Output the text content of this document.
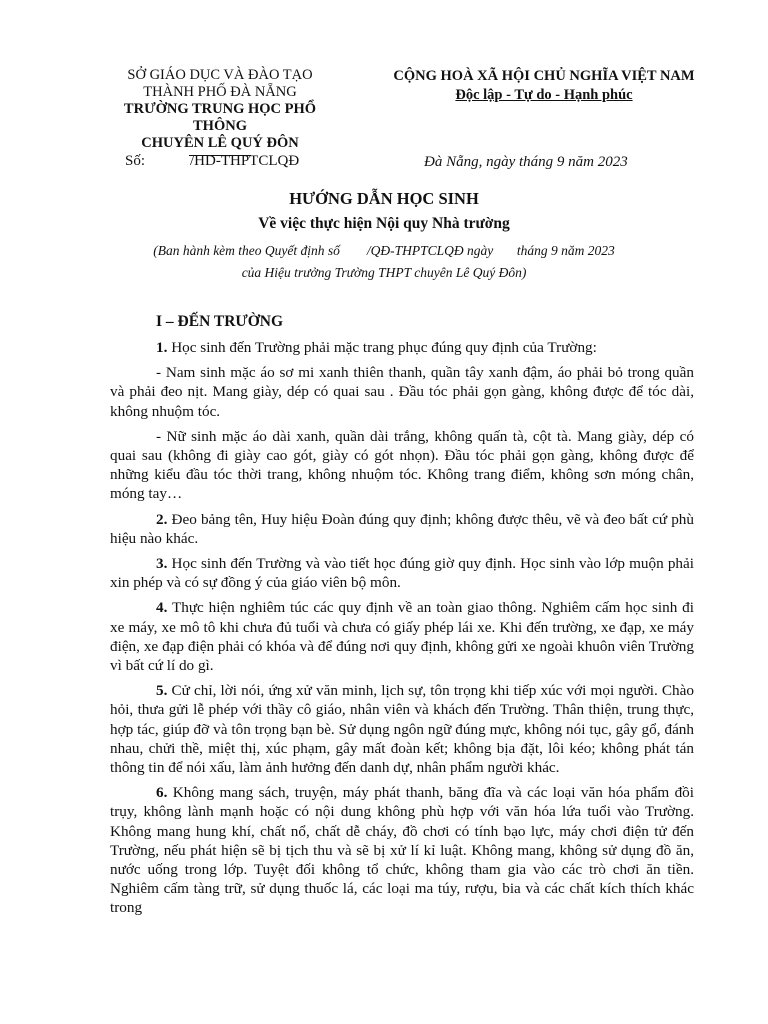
SỞ GIÁO DỤC VÀ ĐÀO TẠO
THÀNH PHỐ ĐÀ NẴNG
TRƯỜNG TRUNG HỌC PHỔ THÔNG
CHUYÊN LÊ QUÝ ĐÔN
CỘNG HOÀ XÃ HỘI CHỦ NGHĨA VIỆT NAM
Độc lập - Tự do - Hạnh phúc
Số:	/HD-THPTCLQĐ	Đà Nẵng, ngày tháng 9 năm 2023
HƯỚNG DẪN HỌC SINH
Về việc thực hiện Nội quy Nhà trường
(Ban hành kèm theo Quyết định số        /QĐ-THPTCLQĐ ngày       tháng 9 năm 2023
của Hiệu trưởng Trường THPT chuyên Lê Quý Đôn)
I – ĐẾN TRƯỜNG

1. Học sinh đến Trường phải mặc trang phục đúng quy định của Trường:

- Nam sinh mặc áo sơ mi xanh thiên thanh, quần tây xanh đậm, áo phải bỏ trong quần và phải đeo nịt. Mang giày, dép có quai sau . Đầu tóc phải gọn gàng, không được để tóc dài, không nhuộm tóc.

- Nữ sinh mặc áo dài xanh, quần dài trắng, không quấn tà, cột tà. Mang giày, dép có quai sau (không đi giày cao gót, giày có gót nhọn). Đầu tóc phải gọn gàng, không được để những kiểu đầu tóc thời trang, không nhuộm tóc. Không trang điểm, không sơn móng chân, móng tay…

2. Đeo bảng tên, Huy hiệu Đoàn đúng quy định; không được thêu, vẽ và đeo bất cứ phù hiệu nào khác.

3. Học sinh đến Trường và vào tiết học đúng giờ quy định. Học sinh vào lớp muộn phải xin phép và có sự đồng ý của giáo viên bộ môn.

4. Thực hiện nghiêm túc các quy định về an toàn giao thông. Nghiêm cấm học sinh đi xe máy, xe mô tô khi chưa đủ tuổi và chưa có giấy phép lái xe. Khi đến trường, xe đạp, xe máy điện, xe đạp điện phải có khóa và để đúng nơi quy định, không gửi xe ngoài khuôn viên Trường vì bất cứ lí do gì.

5. Cử chỉ, lời nói, ứng xử văn minh, lịch sự, tôn trọng khi tiếp xúc với mọi người. Chào hỏi, thưa gửi lễ phép với thầy cô giáo, nhân viên và khách đến Trường. Thân thiện, trung thực, hợp tác, giúp đỡ và tôn trọng bạn bè. Sử dụng ngôn ngữ đúng mực, không nói tục, gây gổ, đánh nhau, chửi thề, miệt thị, xúc phạm, gây mất đoàn kết; không bịa đặt, lôi kéo; không phát tán thông tin để nói xấu, làm ảnh hưởng đến danh dự, nhân phẩm người khác.

6. Không mang sách, truyện, máy phát thanh, băng đĩa và các loại văn hóa phẩm đồi trụy, không lành mạnh hoặc có nội dung không phù hợp với văn hóa lứa tuổi vào Trường. Không mang hung khí, chất nổ, chất dễ cháy, đồ chơi có tính bạo lực, máy chơi điện tử đến Trường, nếu phát hiện sẽ bị tịch thu và sẽ bị xử lí kỉ luật. Không mang, không sử dụng đồ ăn, nước uống trong lớp. Tuyệt đối không tổ chức, không tham gia vào các trò chơi ăn tiền. Nghiêm cấm tàng trữ, sử dụng thuốc lá, các loại ma túy, rượu, bia và các chất kích thích khác trong
